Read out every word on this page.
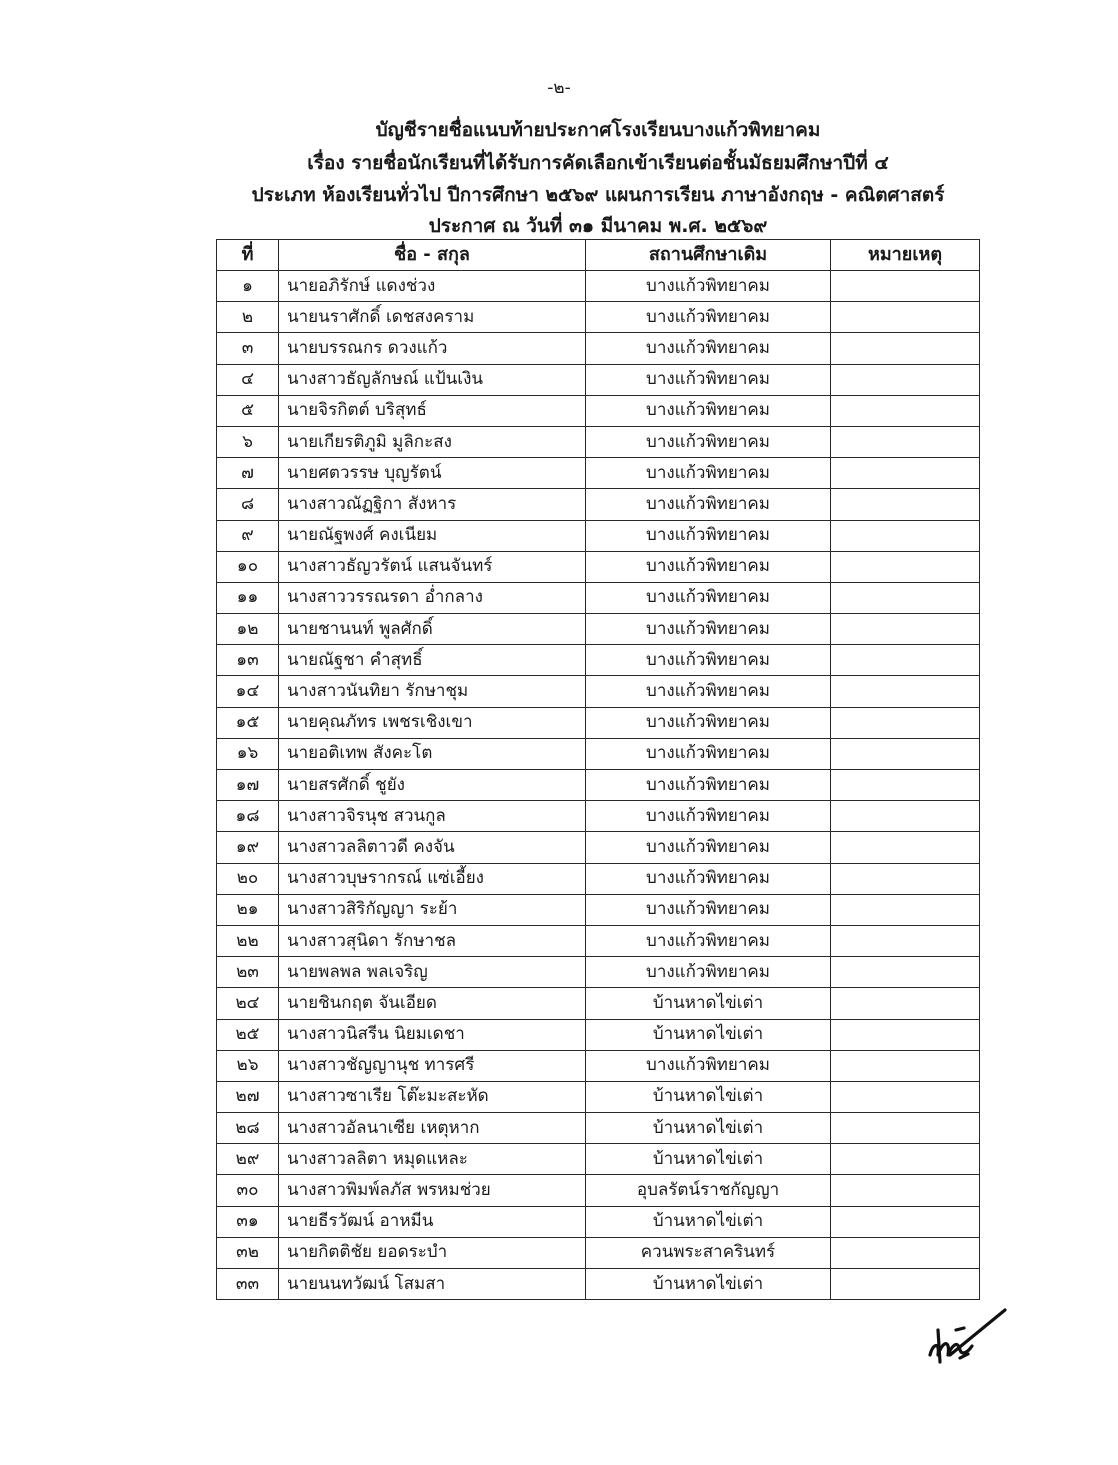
-๒-
บัญชีรายชื่อแนบท้ายประกาศโรงเรียนบางแก้วพิทยาคม
เรื่อง รายชื่อนักเรียนที่ได้รับการคัดเลือกเข้าเรียนต่อชั้นมัธยมศึกษาปีที่ ๔
ประเภท ห้องเรียนทั่วไป ปีการศึกษา ๒๕๖๙ แผนการเรียน ภาษาอังกฤษ - คณิตศาสตร์
ประกาศ ณ วันที่ ๓๑ มีนาคม พ.ศ. ๒๕๖๙
ที่	ชื่อ - สกุล	สถานศึกษาเดิม	หมายเหตุ
๑	นายอภิรักษ์ แดงช่วง	บางแก้วพิทยาคม	
๒	นายนราศักดิ์ เดชสงคราม	บางแก้วพิทยาคม	
๓	นายบรรณกร ดวงแก้ว	บางแก้วพิทยาคม	
๔	นางสาวธัญลักษณ์ แป้นเงิน	บางแก้วพิทยาคม	
๕	นายจิรกิตต์ บริสุทธ์	บางแก้วพิทยาคม	
๖	นายเกียรติภูมิ มูลิกะสง	บางแก้วพิทยาคม	
๗	นายศตวรรษ บุญรัตน์	บางแก้วพิทยาคม	
๘	นางสาวณัฏฐิกา สังหาร	บางแก้วพิทยาคม	
๙	นายณัฐพงศ์ คงเนียม	บางแก้วพิทยาคม	
๑๐	นางสาวธัญวรัตน์ แสนจันทร์	บางแก้วพิทยาคม	
๑๑	นางสาววรรณรดา อ่ำกลาง	บางแก้วพิทยาคม	
๑๒	นายชานนท์ พูลศักดิ์	บางแก้วพิทยาคม	
๑๓	นายณัฐชา คำสุทธิ์	บางแก้วพิทยาคม	
๑๔	นางสาวนันทิยา รักษาชุม	บางแก้วพิทยาคม	
๑๕	นายคุณภัทร เพชรเชิงเขา	บางแก้วพิทยาคม	
๑๖	นายอติเทพ สังคะโต	บางแก้วพิทยาคม	
๑๗	นายสรศักดิ์ ชูยัง	บางแก้วพิทยาคม	
๑๘	นางสาวจิรนุช สวนกูล	บางแก้วพิทยาคม	
๑๙	นางสาวลลิตาวดี คงจัน	บางแก้วพิทยาคม	
๒๐	นางสาวบุษรากรณ์ แซ่เอี้ยง	บางแก้วพิทยาคม	
๒๑	นางสาวสิริกัญญา ระย้า	บางแก้วพิทยาคม	
๒๒	นางสาวสุนิดา รักษาชล	บางแก้วพิทยาคม	
๒๓	นายพลพล พลเจริญ	บางแก้วพิทยาคม	
๒๔	นายชินกฤต จันเอียด	บ้านหาดไข่เต่า	
๒๕	นางสาวนิสรีน นิยมเดชา	บ้านหาดไข่เต่า	
๒๖	นางสาวชัญญานุช ทารศรี	บางแก้วพิทยาคม	
๒๗	นางสาวซาเรีย โต๊ะมะสะหัด	บ้านหาดไข่เต่า	
๒๘	นางสาวอัลนาเซีย เหตุหาก	บ้านหาดไข่เต่า	
๒๙	นางสาวลลิตา หมุดแหละ	บ้านหาดไข่เต่า	
๓๐	นางสาวพิมพ์ลภัส พรหมช่วย	อุบลรัตน์ราชกัญญา	
๓๑	นายธีรวัฒน์ อาหมีน	บ้านหาดไข่เต่า	
๓๒	นายกิตติชัย ยอดระบำ	ควนพระสาครินทร์	
๓๓	นายนนทวัฒน์ โสมสา	บ้านหาดไข่เต่า	
